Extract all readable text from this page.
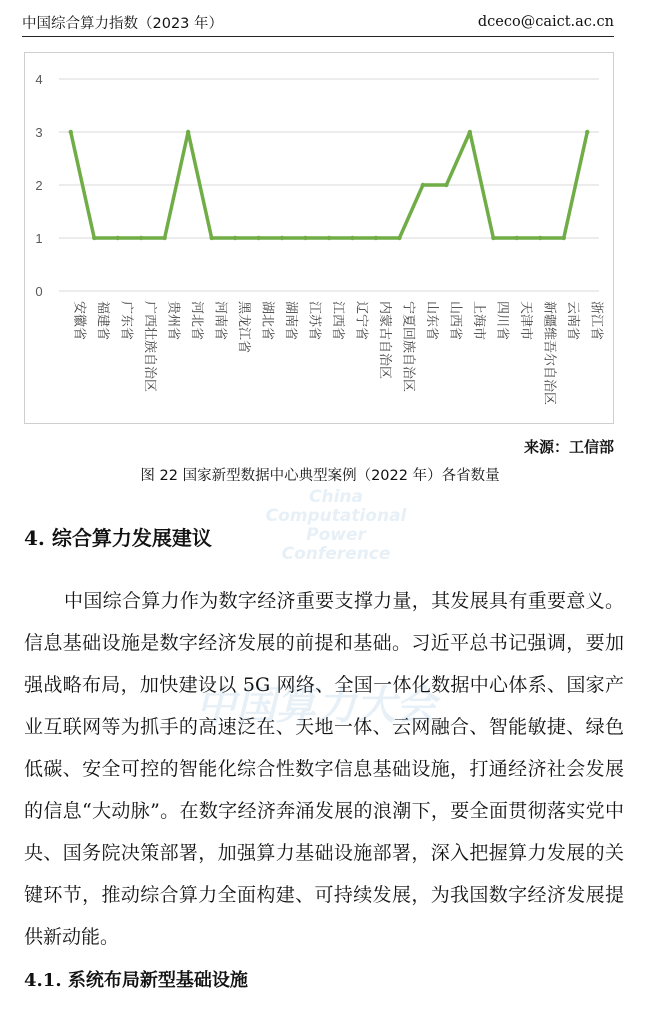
中国综合算力指数（2023 年）	dceco@caict.ac.cn
0
1
2
3
4
安徽省 福建省 广东省 广西壮族自治区 贵州省 河北省 河南省 黑龙江省 湖北省 湖南省 江苏省 江西省 辽宁省 内蒙古自治区 宁夏回族自治区 山东省 山西省 上海市 四川省 天津市 新疆维吾尔自治区 云南省 浙江省
China
Computational
Power
Conference
中国算力大会
来源：工信部
图 22 国家新型数据中心典型案例（2022 年）各省数量
4. 综合算力发展建议
中国综合算力作为数字经济重要支撑力量，其发展具有重要意义。信息基础设施是数字经济发展的前提和基础。习近平总书记强调，要加强战略布局，加快建设以 5G 网络、全国一体化数据中心体系、国家产业互联网等为抓手的高速泛在、天地一体、云网融合、智能敏捷、绿色低碳、安全可控的智能化综合性数字信息基础设施，打通经济社会发展的信息“大动脉”。在数字经济奔涌发展的浪潮下，要全面贯彻落实党中央、国务院决策部署，加强算力基础设施部署，深入把握算力发展的关键环节，推动综合算力全面构建、可持续发展，为我国数字经济发展提供新动能。
4.1. 系统布局新型基础设施
